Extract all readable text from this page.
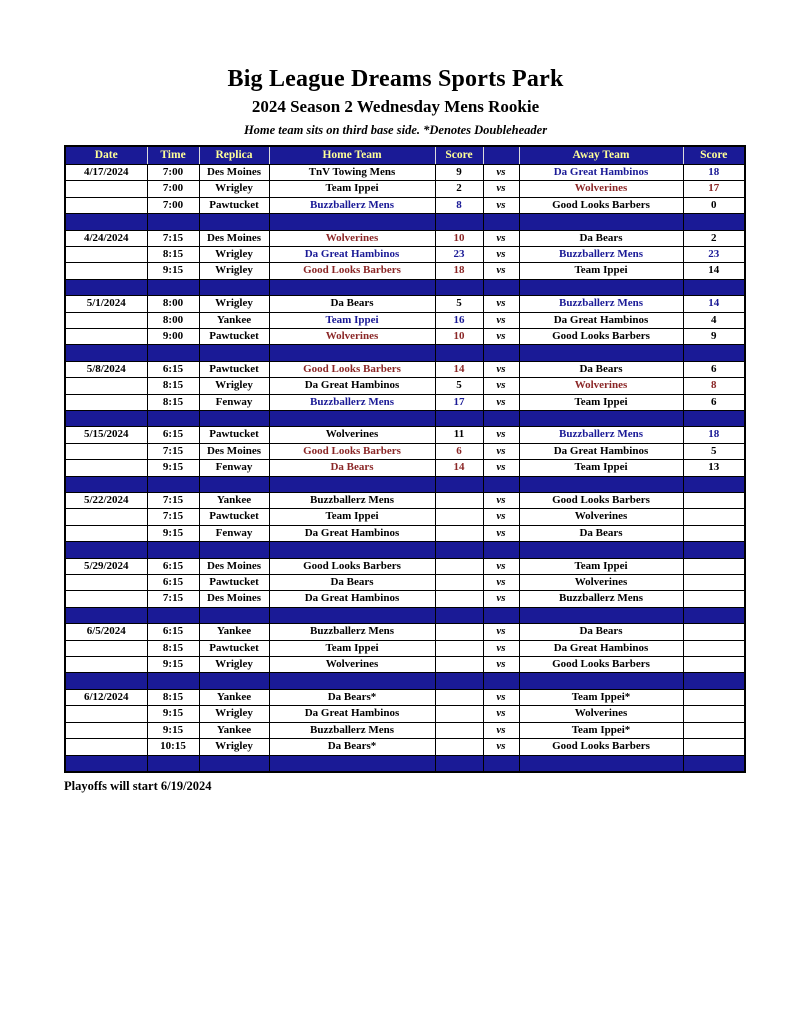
Big League Dreams Sports Park
2024 Season 2 Wednesday Mens Rookie
Home team sits on third base side. *Denotes Doubleheader
Date	Time	Replica	Home Team	Score		Away Team	Score
4/17/2024	7:00	Des Moines	TnV Towing Mens	9	vs	Da Great Hambinos	18
	7:00	Wrigley	Team Ippei	2	vs	Wolverines	17
	7:00	Pawtucket	Buzzballerz Mens	8	vs	Good Looks Barbers	0

4/24/2024	7:15	Des Moines	Wolverines	10	vs	Da Bears	2
	8:15	Wrigley	Da Great Hambinos	23	vs	Buzzballerz Mens	23
	9:15	Wrigley	Good Looks Barbers	18	vs	Team Ippei	14

5/1/2024	8:00	Wrigley	Da Bears	5	vs	Buzzballerz Mens	14
	8:00	Yankee	Team Ippei	16	vs	Da Great Hambinos	4
	9:00	Pawtucket	Wolverines	10	vs	Good Looks Barbers	9

5/8/2024	6:15	Pawtucket	Good Looks Barbers	14	vs	Da Bears	6
	8:15	Wrigley	Da Great Hambinos	5	vs	Wolverines	8
	8:15	Fenway	Buzzballerz Mens	17	vs	Team Ippei	6

5/15/2024	6:15	Pawtucket	Wolverines	11	vs	Buzzballerz Mens	18
	7:15	Des Moines	Good Looks Barbers	6	vs	Da Great Hambinos	5
	9:15	Fenway	Da Bears	14	vs	Team Ippei	13

5/22/2024	7:15	Yankee	Buzzballerz Mens		vs	Good Looks Barbers	
	7:15	Pawtucket	Team Ippei		vs	Wolverines	
	9:15	Fenway	Da Great Hambinos		vs	Da Bears	

5/29/2024	6:15	Des Moines	Good Looks Barbers		vs	Team Ippei	
	6:15	Pawtucket	Da Bears		vs	Wolverines	
	7:15	Des Moines	Da Great Hambinos		vs	Buzzballerz Mens	

6/5/2024	6:15	Yankee	Buzzballerz Mens		vs	Da Bears	
	8:15	Pawtucket	Team Ippei		vs	Da Great Hambinos	
	9:15	Wrigley	Wolverines		vs	Good Looks Barbers	

6/12/2024	8:15	Yankee	Da Bears*		vs	Team Ippei*	
	9:15	Wrigley	Da Great Hambinos		vs	Wolverines	
	9:15	Yankee	Buzzballerz Mens		vs	Team Ippei*	
	10:15	Wrigley	Da Bears*		vs	Good Looks Barbers	

Playoffs will start 6/19/2024
